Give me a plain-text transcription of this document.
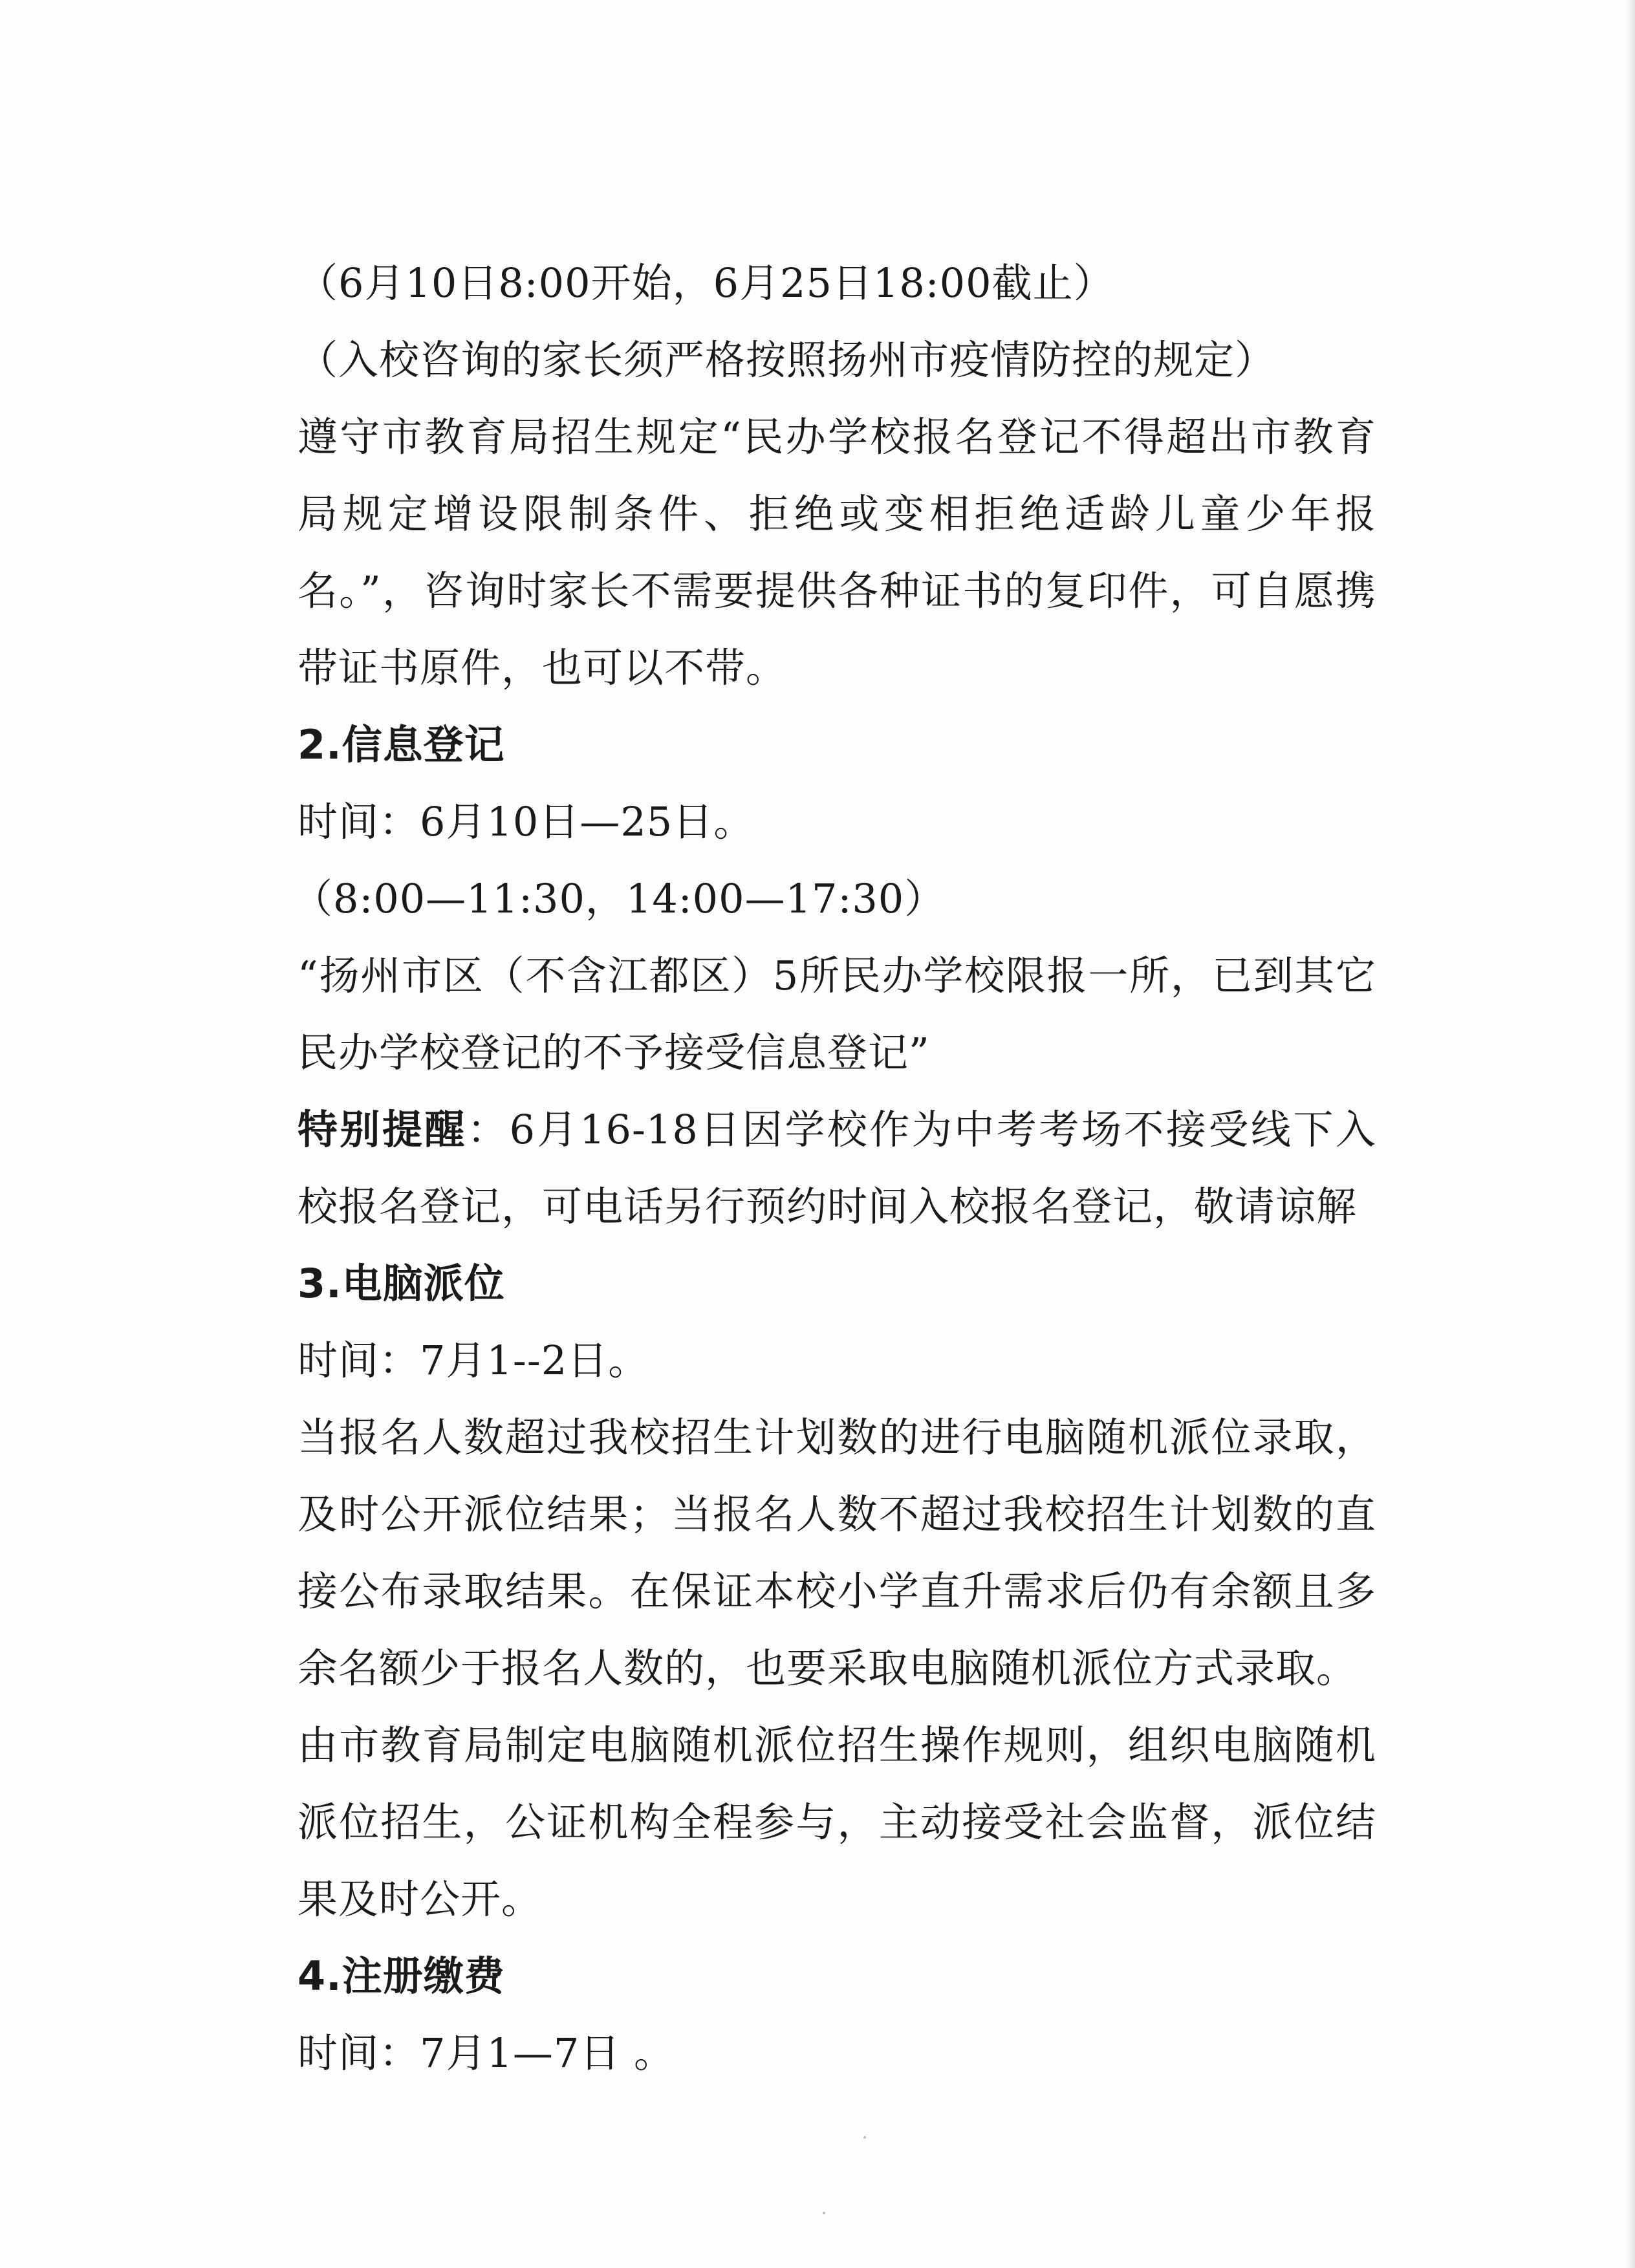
（6月10日8:00开始，6月25日18:00截止）

（入校咨询的家长须严格按照扬州市疫情防控的规定）

遵守市教育局招生规定“民办学校报名登记不得超出市教育局规定增设限制条件、拒绝或变相拒绝适龄儿童少年报名。”，咨询时家长不需要提供各种证书的复印件，可自愿携带证书原件，也可以不带。

2.信息登记

时间：6月10日—25日。

（8:00—11:30，14:00—17:30）

“扬州市区（不含江都区）5所民办学校限报一所，已到其它民办学校登记的不予接受信息登记”

特别提醒：6月16-18日因学校作为中考考场不接受线下入校报名登记，可电话另行预约时间入校报名登记，敬请谅解

3.电脑派位

时间：7月1--2日。

当报名人数超过我校招生计划数的进行电脑随机派位录取，及时公开派位结果；当报名人数不超过我校招生计划数的直接公布录取结果。在保证本校小学直升需求后仍有余额且多余名额少于报名人数的，也要采取电脑随机派位方式录取。

由市教育局制定电脑随机派位招生操作规则，组织电脑随机派位招生，公证机构全程参与，主动接受社会监督，派位结果及时公开。

4.注册缴费

时间：7月1—7日 。
